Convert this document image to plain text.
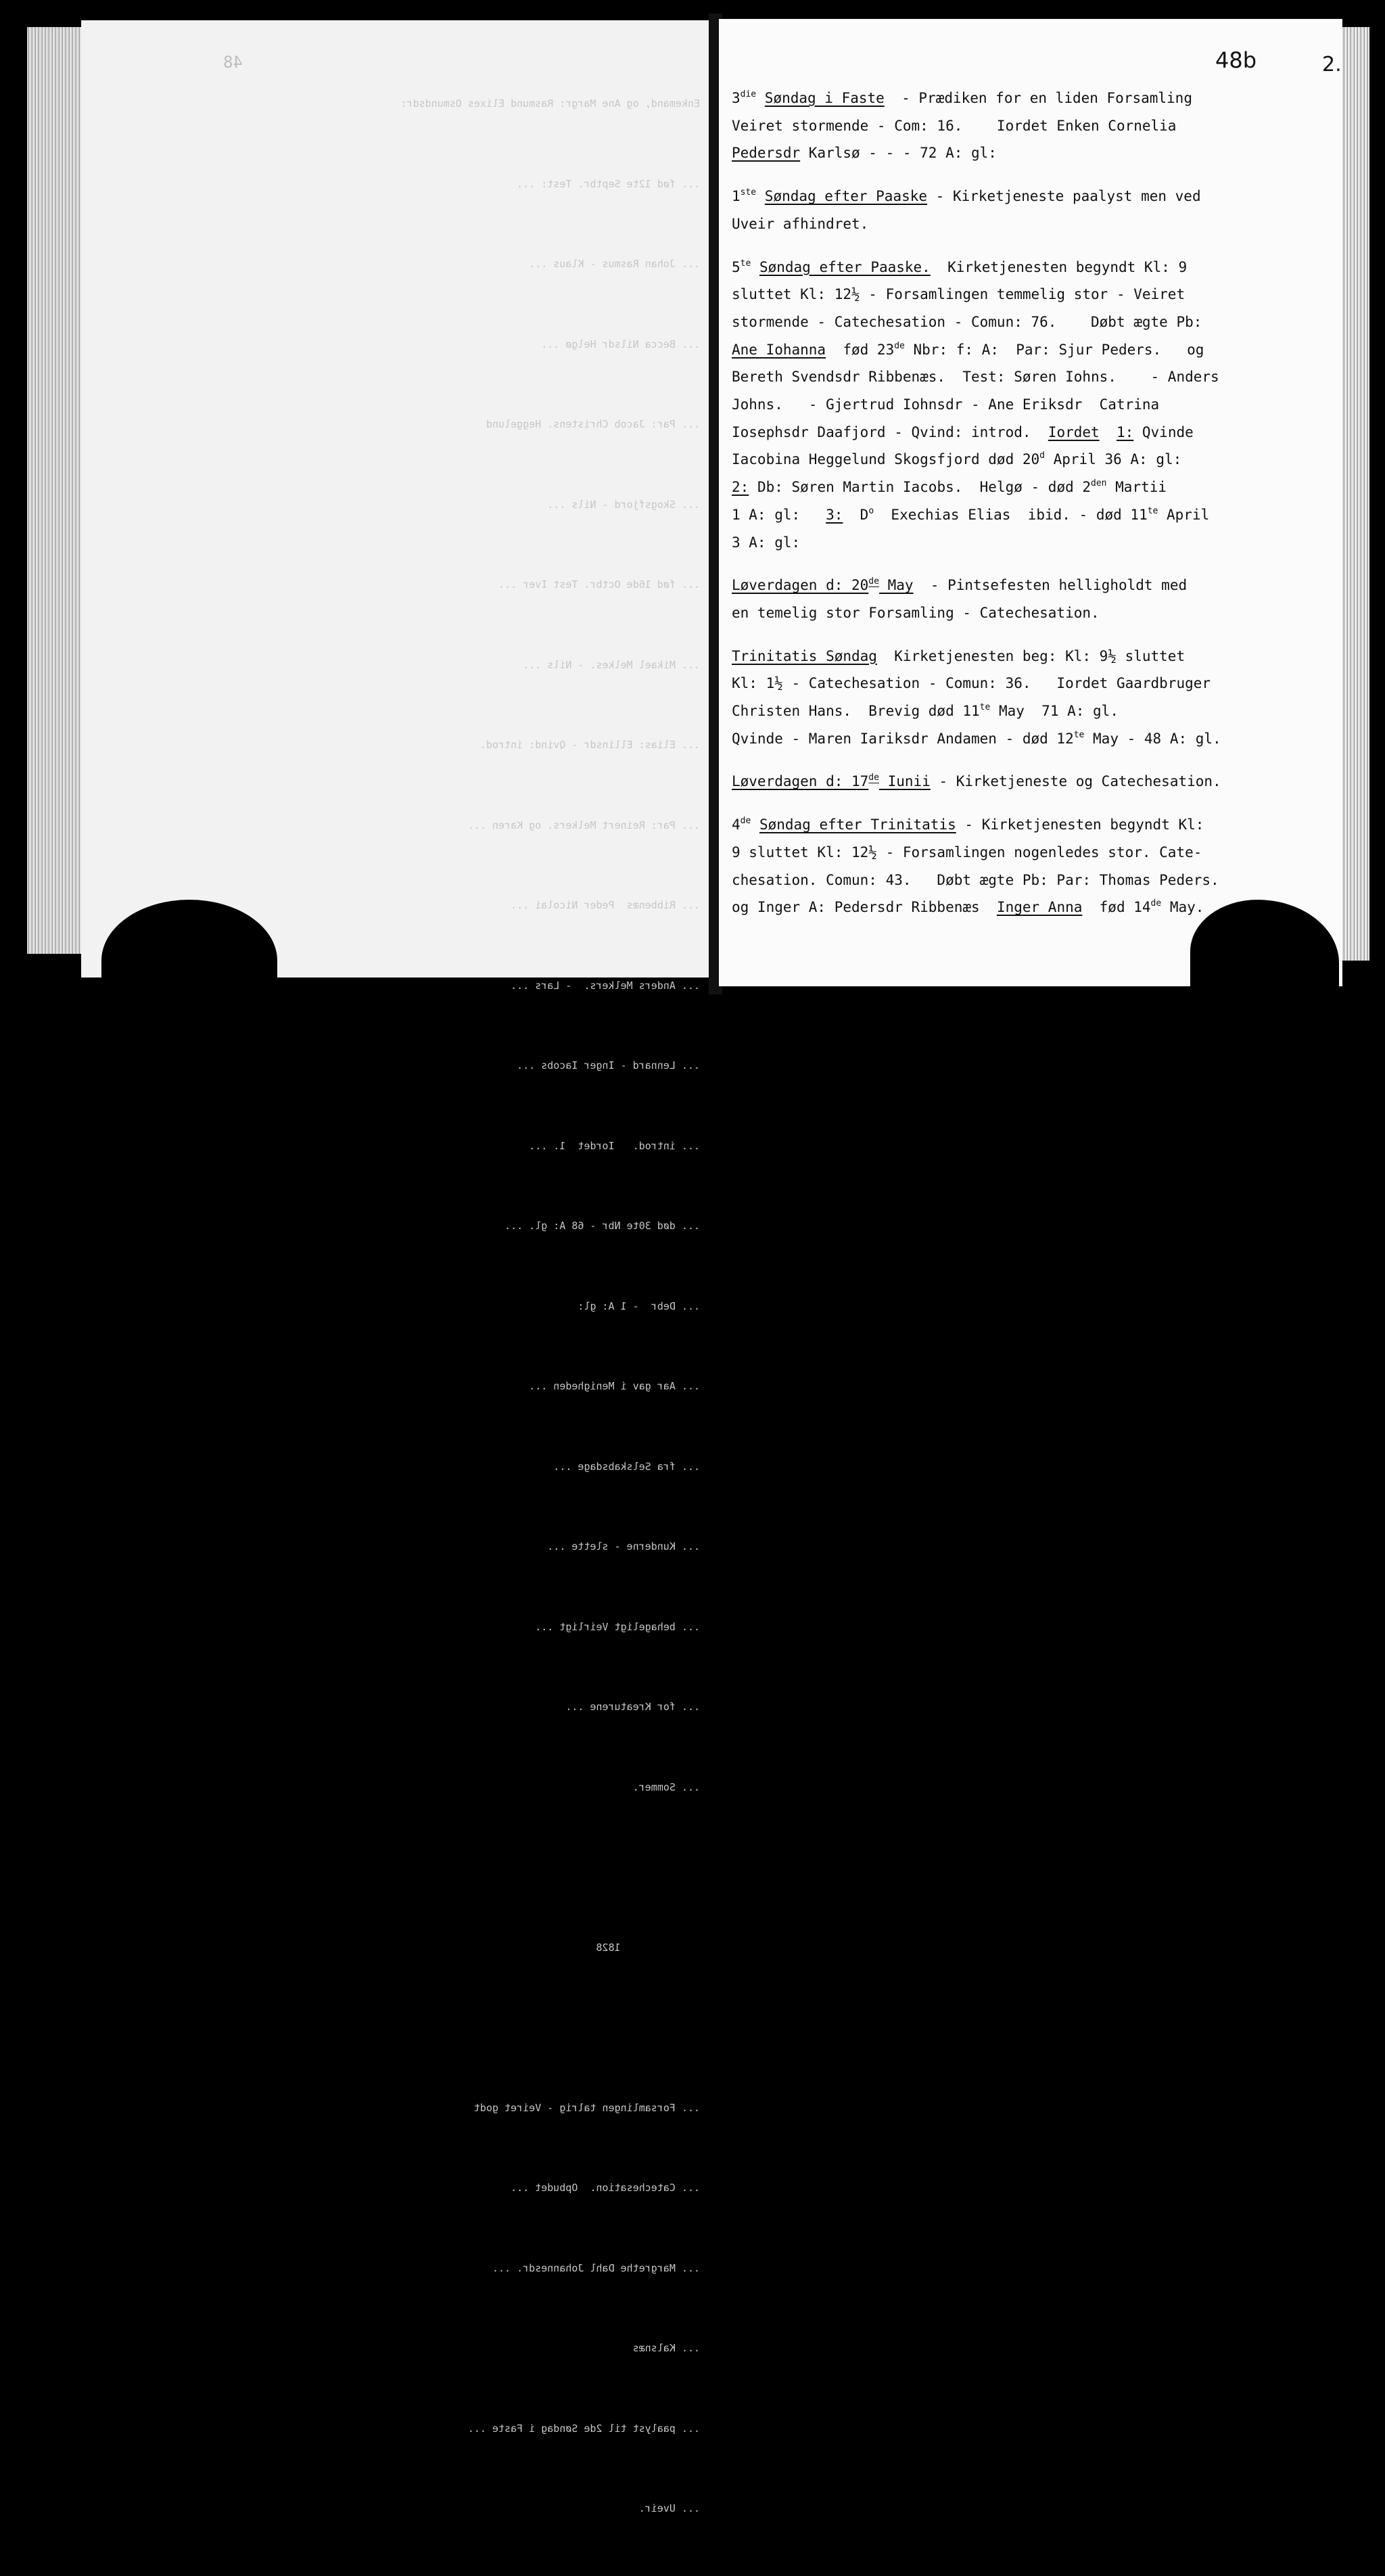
48

Enkemand, og Ane Margr: Rasmund Elixes Osmundsdr:

... fød 12te Septbr. Test: ...

... Johan Rasmus - Klaus ...

... Becca Nilsdr Helgø ...

... Par: Jacob Christens. Heggelund

... Skogsfjord - Nils ...

... fød 16de Octbr. Test Iver ...

... Mikael Melkes. - Nils ...

... Elias: Ellinsdr - Qvind: introd.

... Par: Reinert Melkers. og Karen ...

... Ribbenæs  Peder Nicolai ...

... Anders Melkers.  - Lars ...

... Lennard - Inger Iacobs ...

... introd.   Iordet  1. ...

... død 30te Nbr - 68 A: gl. ...

... Debr  - 1 A: gl:

... Aar gav i Menigheden ...

... fra Selskabsdage ...

... Kunderne - slette ...

... behageligt Veirligt ...

... for Kreaturene ...

... Sommer.

1828

... Forsamlingen talrig - Veiret godt

... Catechesation.  Opbudet ...

... Margrethe Dahl Johannesdr. ...

... Kalsnæs

... paalyst til 2de Søndag i Faste ...

... Uveir.

48b	2.
$3^{die}$ Søndag i Faste  - Prædiken for en liden Forsamling
Veiret stormende - Com: 16.    Iordet Enken Cornelia
Pedersdr Karlsø - - - 72 A: gl:
1ste Søndag efter Paaske - Kirketjeneste paalyst men ved
Uveir afhindret.
$5^{te}$ Søndag efter Paaske.  Kirketjenesten begyndt Kl: 9
sluttet Kl: 12½ - Forsamlingen temmelig stor - Veiret
stormende - Catechesation - Comun: 76.    Døbt ægte Pb:
Ane Iohanna  fød 23de Nbr: f: A:  Par: Sjur Peders.   og
Bereth Svendsdr Ribbenæs.  Test: Søren Iohns.    - Anders
Johns.   - Gjertrud Iohnsdr - Ane Eriksdr  Catrina
Iosephsdr Daafjord - Qvind: introd.  Iordet 1: Qvinde
Iacobina Heggelund Skogsfjord død 20$^d$ April 36 A: gl:
2: Db: Søren Martin Iacobs.  Helgø - død $2^{den}$ Martii
1 A: gl:   3:  $D^o$  Exechias Elias  ibid. - død $11^{te}$ April
3 A: gl:
Løverdagen d: 20de May  - Pintsefesten helligholdt med
en temelig stor Forsamling - Catechesation.
Trinitatis Søndag  Kirketjenesten beg: Kl: 9½ sluttet
Kl: 1½ - Catechesation - Comun: 36.   Iordet Gaardbruger
Christen Hans.  Brevig død $11^{te}$ May  71 A: gl.
Qvinde - Maren Iariksdr Andamen - død $12^{te}$ May - 48 A: gl.
Løverdagen d: 17de Iunii - Kirketjeneste og Catechesation.
4de Søndag efter Trinitatis - Kirketjenesten begyndt Kl:
9 sluttet Kl: 12½ - Forsamlingen nogenledes stor. Cate-
chesation. Comun: 43.   Døbt ægte Pb: Par: Thomas Peders.
og Inger A: Pedersdr Ribbenæs  Inger Anna  fød 14de May.
